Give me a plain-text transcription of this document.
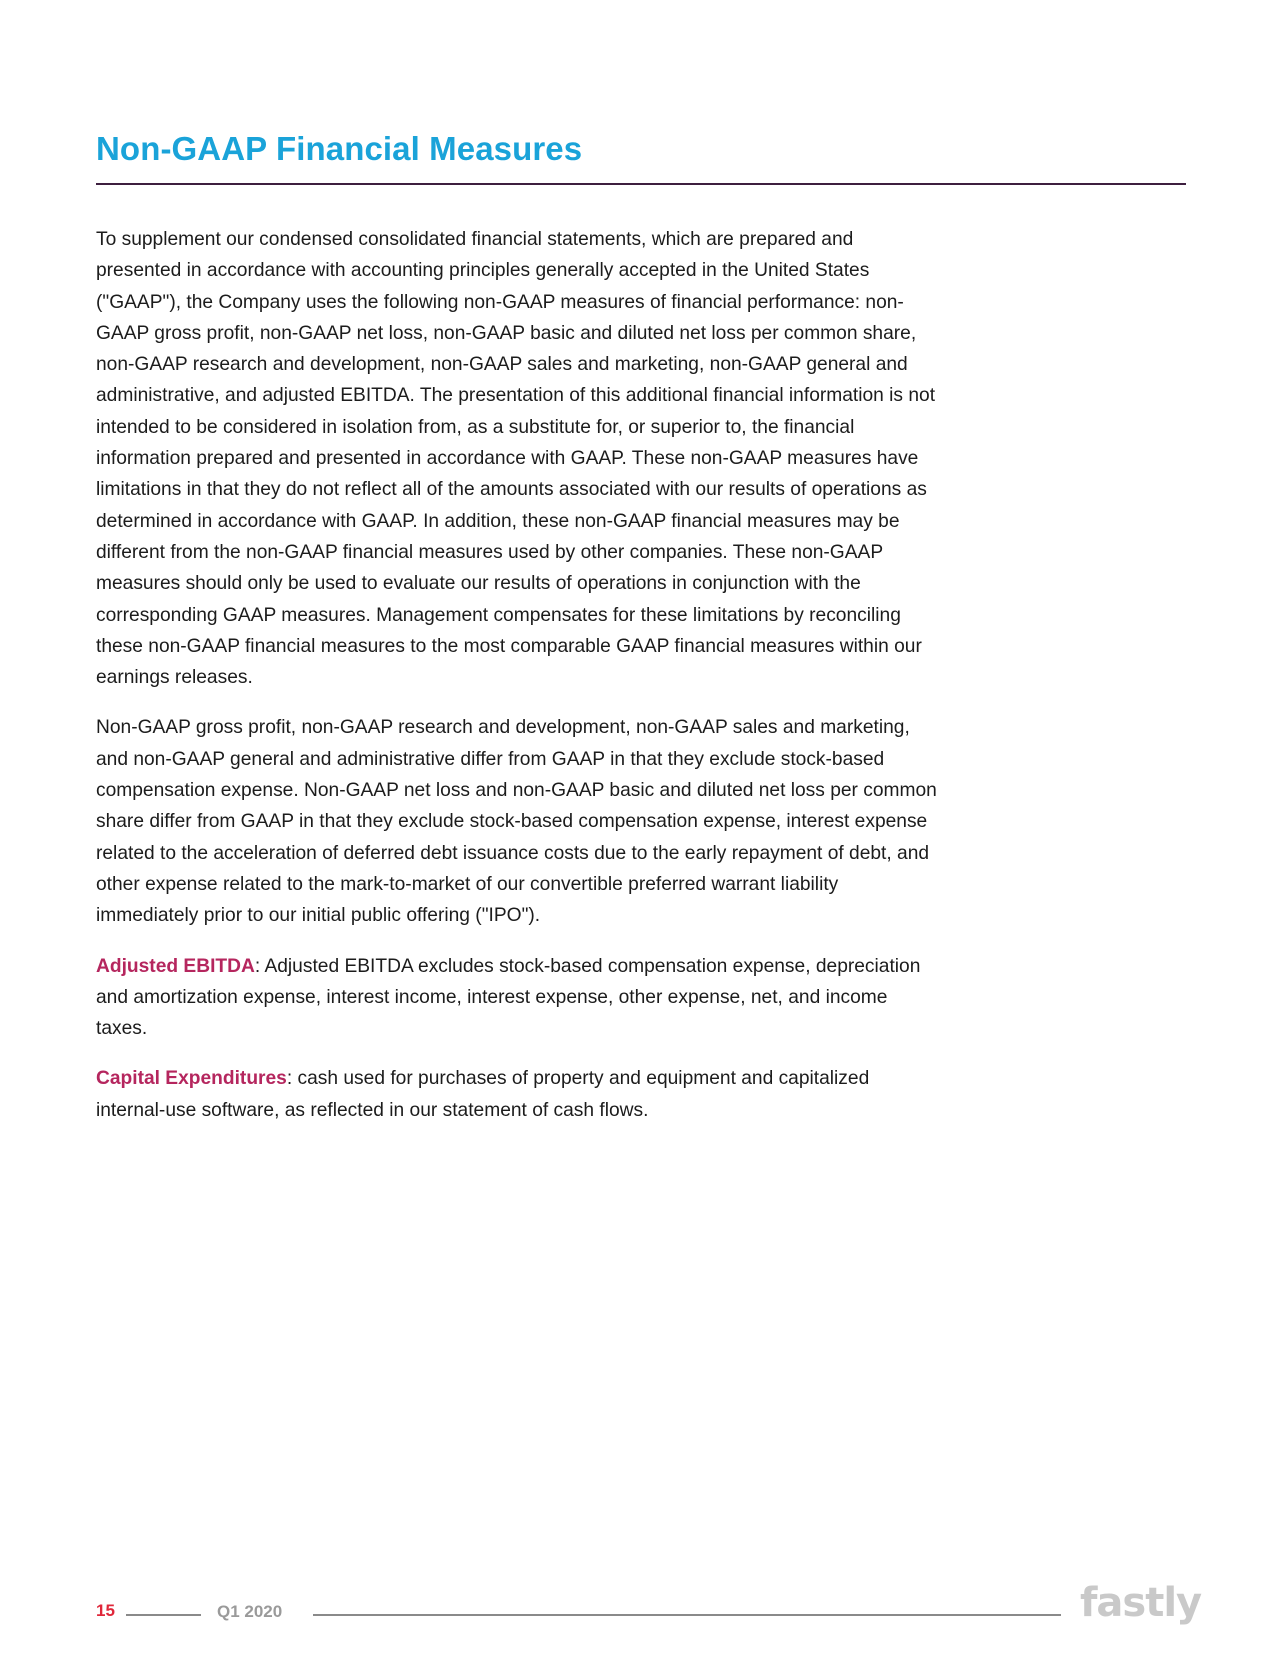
Non-GAAP Financial Measures

To supplement our condensed consolidated financial statements, which are prepared and presented in accordance with accounting principles generally accepted in the United States ("GAAP"), the Company uses the following non-GAAP measures of financial performance: non-GAAP gross profit, non-GAAP net loss, non-GAAP basic and diluted net loss per common share, non-GAAP research and development, non-GAAP sales and marketing, non-GAAP general and administrative, and adjusted EBITDA. The presentation of this additional financial information is not intended to be considered in isolation from, as a substitute for, or superior to, the financial information prepared and presented in accordance with GAAP. These non-GAAP measures have limitations in that they do not reflect all of the amounts associated with our results of operations as determined in accordance with GAAP. In addition, these non-GAAP financial measures may be different from the non-GAAP financial measures used by other companies. These non-GAAP measures should only be used to evaluate our results of operations in conjunction with the corresponding GAAP measures. Management compensates for these limitations by reconciling these non-GAAP financial measures to the most comparable GAAP financial measures within our earnings releases.

Non-GAAP gross profit, non-GAAP research and development, non-GAAP sales and marketing, and non-GAAP general and administrative differ from GAAP in that they exclude stock-based compensation expense. Non-GAAP net loss and non-GAAP basic and diluted net loss per common share differ from GAAP in that they exclude stock-based compensation expense, interest expense related to the acceleration of deferred debt issuance costs due to the early repayment of debt, and other expense related to the mark-to-market of our convertible preferred warrant liability immediately prior to our initial public offering ("IPO").

Adjusted EBITDA: Adjusted EBITDA excludes stock-based compensation expense, depreciation and amortization expense, interest income, interest expense, other expense, net, and income taxes.

Capital Expenditures: cash used for purchases of property and equipment and capitalized internal-use software, as reflected in our statement of cash flows.

15	Q1 2020	fastly
